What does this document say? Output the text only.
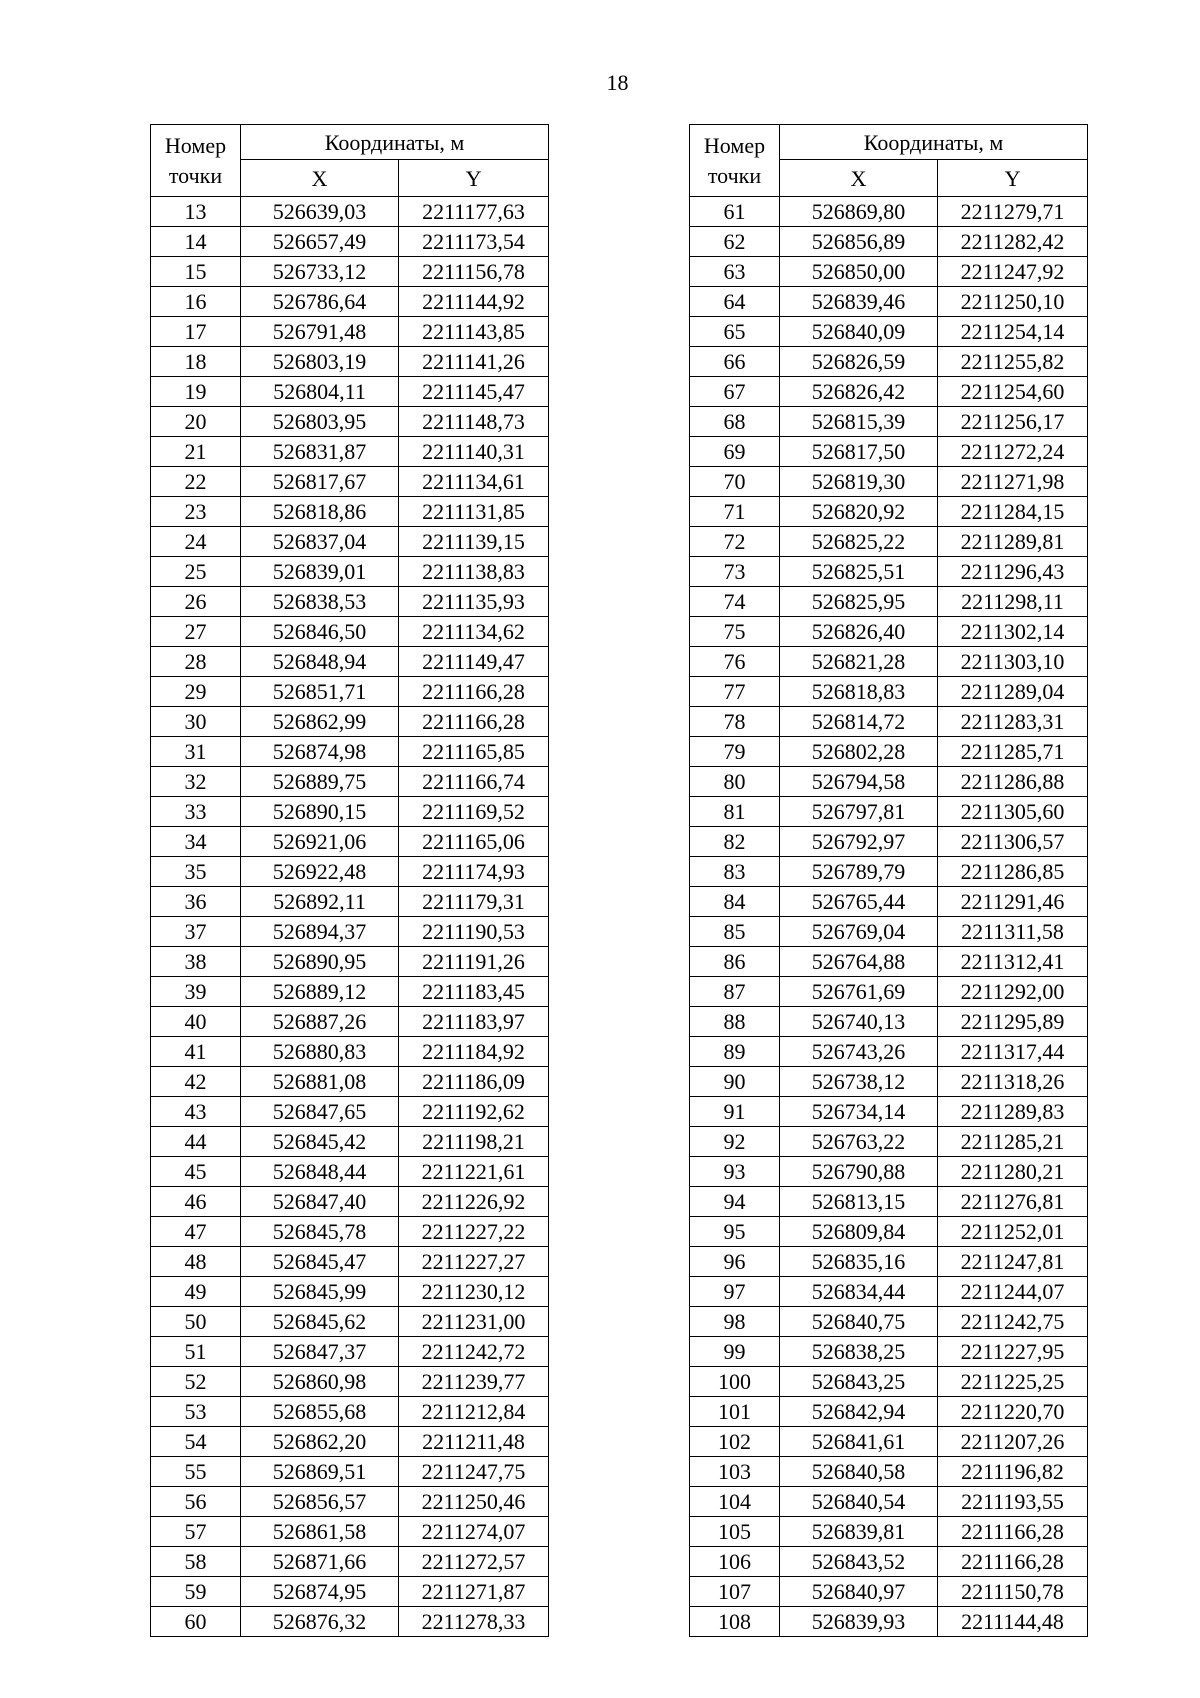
18
Номер точки	Координаты, м	
	X	Y
13	526639,03	2211177,63
14	526657,49	2211173,54
15	526733,12	2211156,78
16	526786,64	2211144,92
17	526791,48	2211143,85
18	526803,19	2211141,26
19	526804,11	2211145,47
20	526803,95	2211148,73
21	526831,87	2211140,31
22	526817,67	2211134,61
23	526818,86	2211131,85
24	526837,04	2211139,15
25	526839,01	2211138,83
26	526838,53	2211135,93
27	526846,50	2211134,62
28	526848,94	2211149,47
29	526851,71	2211166,28
30	526862,99	2211166,28
31	526874,98	2211165,85
32	526889,75	2211166,74
33	526890,15	2211169,52
34	526921,06	2211165,06
35	526922,48	2211174,93
36	526892,11	2211179,31
37	526894,37	2211190,53
38	526890,95	2211191,26
39	526889,12	2211183,45
40	526887,26	2211183,97
41	526880,83	2211184,92
42	526881,08	2211186,09
43	526847,65	2211192,62
44	526845,42	2211198,21
45	526848,44	2211221,61
46	526847,40	2211226,92
47	526845,78	2211227,22
48	526845,47	2211227,27
49	526845,99	2211230,12
50	526845,62	2211231,00
51	526847,37	2211242,72
52	526860,98	2211239,77
53	526855,68	2211212,84
54	526862,20	2211211,48
55	526869,51	2211247,75
56	526856,57	2211250,46
57	526861,58	2211274,07
58	526871,66	2211272,57
59	526874,95	2211271,87
60	526876,32	2211278,33
Номер точки	Координаты, м	
	X	Y
61	526869,80	2211279,71
62	526856,89	2211282,42
63	526850,00	2211247,92
64	526839,46	2211250,10
65	526840,09	2211254,14
66	526826,59	2211255,82
67	526826,42	2211254,60
68	526815,39	2211256,17
69	526817,50	2211272,24
70	526819,30	2211271,98
71	526820,92	2211284,15
72	526825,22	2211289,81
73	526825,51	2211296,43
74	526825,95	2211298,11
75	526826,40	2211302,14
76	526821,28	2211303,10
77	526818,83	2211289,04
78	526814,72	2211283,31
79	526802,28	2211285,71
80	526794,58	2211286,88
81	526797,81	2211305,60
82	526792,97	2211306,57
83	526789,79	2211286,85
84	526765,44	2211291,46
85	526769,04	2211311,58
86	526764,88	2211312,41
87	526761,69	2211292,00
88	526740,13	2211295,89
89	526743,26	2211317,44
90	526738,12	2211318,26
91	526734,14	2211289,83
92	526763,22	2211285,21
93	526790,88	2211280,21
94	526813,15	2211276,81
95	526809,84	2211252,01
96	526835,16	2211247,81
97	526834,44	2211244,07
98	526840,75	2211242,75
99	526838,25	2211227,95
100	526843,25	2211225,25
101	526842,94	2211220,70
102	526841,61	2211207,26
103	526840,58	2211196,82
104	526840,54	2211193,55
105	526839,81	2211166,28
106	526843,52	2211166,28
107	526840,97	2211150,78
108	526839,93	2211144,48
